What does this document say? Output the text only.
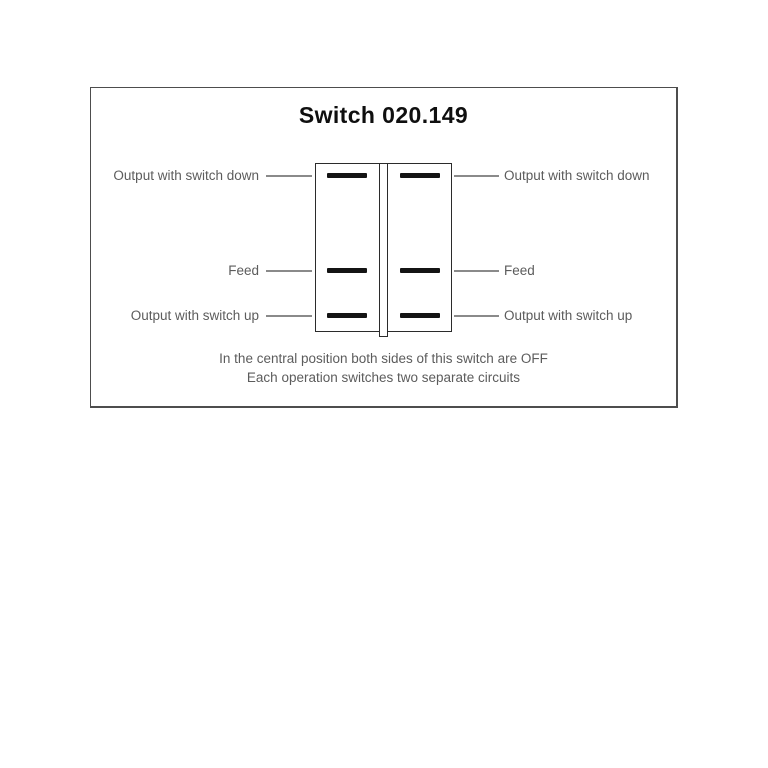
Switch 020.149
Output with switch down	Output with switch down
Feed	Feed
Output with switch up	Output with switch up
In the central position both sides of this switch are OFF
Each operation switches two separate circuits
